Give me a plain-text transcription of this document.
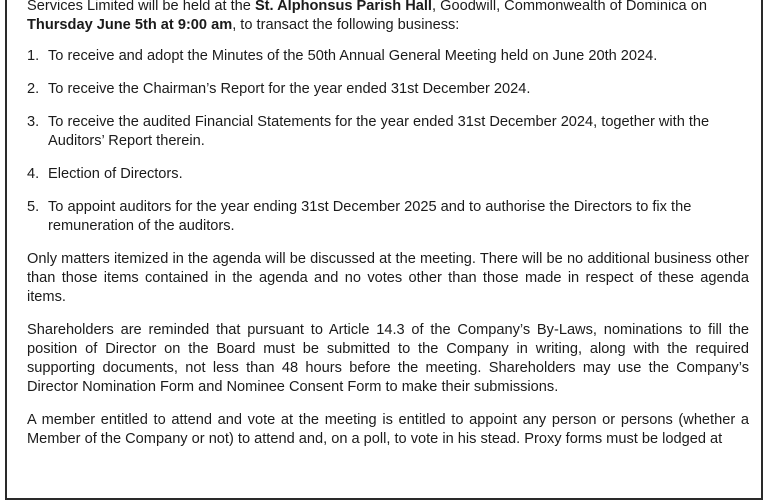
Services Limited will be held at the St. Alphonsus Parish Hall, Goodwill, Commonwealth of Dominica on
Thursday June 5th at 9:00 am, to transact the following business:

1. To receive and adopt the Minutes of the 50th Annual General Meeting held on June 20th 2024.
2. To receive the Chairman’s Report for the year ended 31st December 2024.
3. To receive the audited Financial Statements for the year ended 31st December 2024, together with the
Auditors’ Report therein.
4. Election of Directors.
5. To appoint auditors for the year ending 31st December 2025 and to authorise the Directors to fix the
remuneration of the auditors.

Only matters itemized in the agenda will be discussed at the meeting. There will be no additional business other than those items contained in the agenda and no votes other than those made in respect of these agenda items.

Shareholders are reminded that pursuant to Article 14.3 of the Company’s By-Laws, nominations to fill the position of Director on the Board must be submitted to the Company in writing, along with the required supporting documents, not less than 48 hours before the meeting. Shareholders may use the Company’s Director Nomination Form and Nominee Consent Form to make their submissions.

A member entitled to attend and vote at the meeting is entitled to appoint any person or persons (whether a Member of the Company or not) to attend and, on a poll, to vote in his stead. Proxy forms must be lodged at
